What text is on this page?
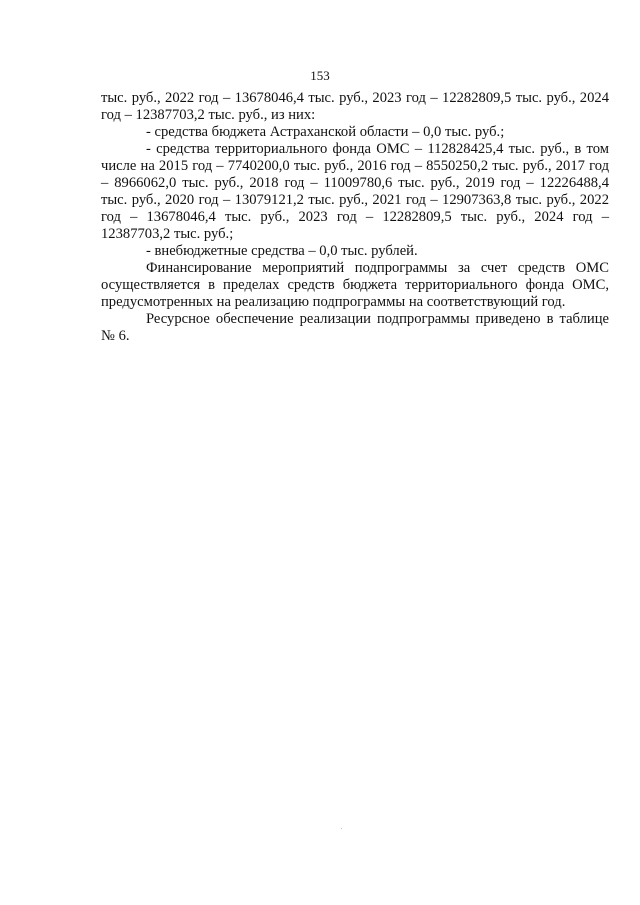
153

тыс. руб., 2022 год – 13678046,4 тыс. руб., 2023 год – 12282809,5 тыс. руб., 2024 год – 12387703,2 тыс. руб., из них:

- средства бюджета Астраханской области – 0,0 тыс. руб.;

- средства территориального фонда ОМС – 112828425,4 тыс. руб., в том числе на 2015 год – 7740200,0 тыс. руб., 2016 год – 8550250,2 тыс. руб., 2017 год – 8966062,0 тыс. руб., 2018 год – 11009780,6 тыс. руб., 2019 год – 12226488,4 тыс. руб., 2020 год – 13079121,2 тыс. руб., 2021 год – 12907363,8 тыс. руб., 2022 год – 13678046,4 тыс. руб., 2023 год – 12282809,5 тыс. руб., 2024 год – 12387703,2 тыс. руб.;

- внебюджетные средства – 0,0 тыс. рублей.

Финансирование мероприятий подпрограммы за счет средств ОМС осуществляется в пределах средств бюджета территориального фонда ОМС, предусмотренных на реализацию подпрограммы на соответствующий год.

Ресурсное обеспечение реализации подпрограммы приведено в таблице № 6.
